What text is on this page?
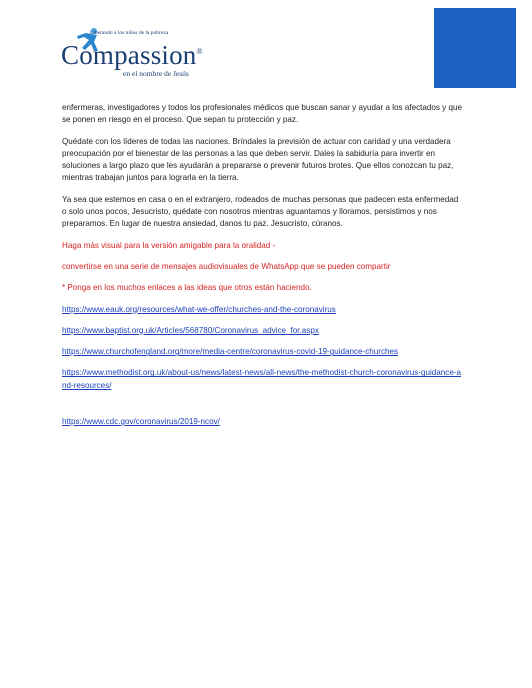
Liberando a los niños de la pobreza
Compassion®
en el nombre de Jesús

enfermeras, investigadores y todos los profesionales médicos que buscan sanar y ayudar a los afectados y que se ponen en riesgo en el proceso. Que sepan tu protección y paz.

Quédate con los líderes de todas las naciones. Bríndales la previsión de actuar con caridad y una verdadera preocupación por el bienestar de las personas a las que deben servir. Dales la sabiduría para invertir en soluciones a largo plazo que les ayudarán a prepararse o prevenir futuros brotes. Que ellos conozcan tu paz, mientras trabajan juntos para lograrla en la tierra.

Ya sea que estemos en casa o en el extranjero, rodeados de muchas personas que padecen esta enfermedad o solo unos pocos, Jesucristo, quédate con nosotros mientras aguantamos y lloramos, persistimos y nos preparamos. En lugar de nuestra ansiedad, danos tu paz. Jesucristo, cúranos.

Haga más visual para la versión amigable para la oralidad -

convertirse en una serie de mensajes audiovisuales de WhatsApp que se pueden compartir

* Ponga en los muchos enlaces a las ideas que otros están haciendo.

https://www.eauk.org/resources/what-we-offer/churches-and-the-coronavirus
https://www.baptist.org.uk/Articles/568780/Coronavirus_advice_for.aspx
https://www.churchofengland.org/more/media-centre/coronavirus-covid-19-guidance-churches
https://www.methodist.org.uk/about-us/news/latest-news/all-news/the-methodist-church-coronavirus-guidance-and-resources/
https://www.cdc.gov/coronavirus/2019-ncov/
